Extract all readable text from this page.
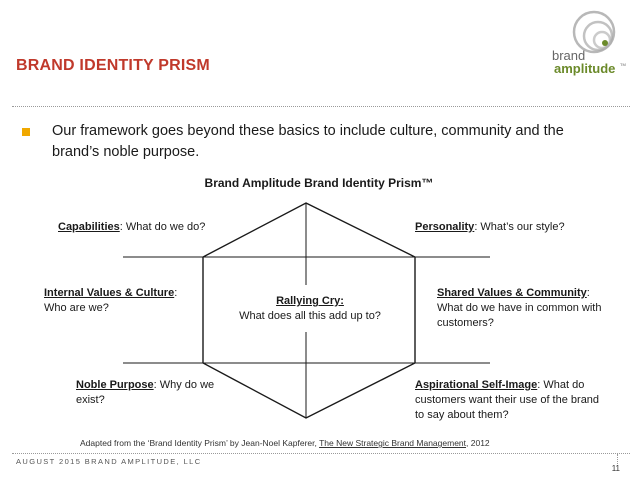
BRAND IDENTITY PRISM
brand
amplitude TM
Our framework goes beyond these basics to include culture, community and the brand’s noble purpose.
Brand Amplitude Brand Identity Prism™
Capabilities: What do we do?	Personality: What’s our style?
Internal Values & Culture:
Who are we?
Shared Values & Community:
What do we have in common with customers?
Rallying Cry:
What does all this add up to?
Noble Purpose: Why do we exist?
Aspirational Self-Image: What do customers want their use of the brand to say about them?
Adapted from the ‘Brand Identity Prism’ by Jean-Noel Kapferer, The New Strategic Brand Management, 2012
AUGUST 2015 BRAND AMPLITUDE, LLC
11
